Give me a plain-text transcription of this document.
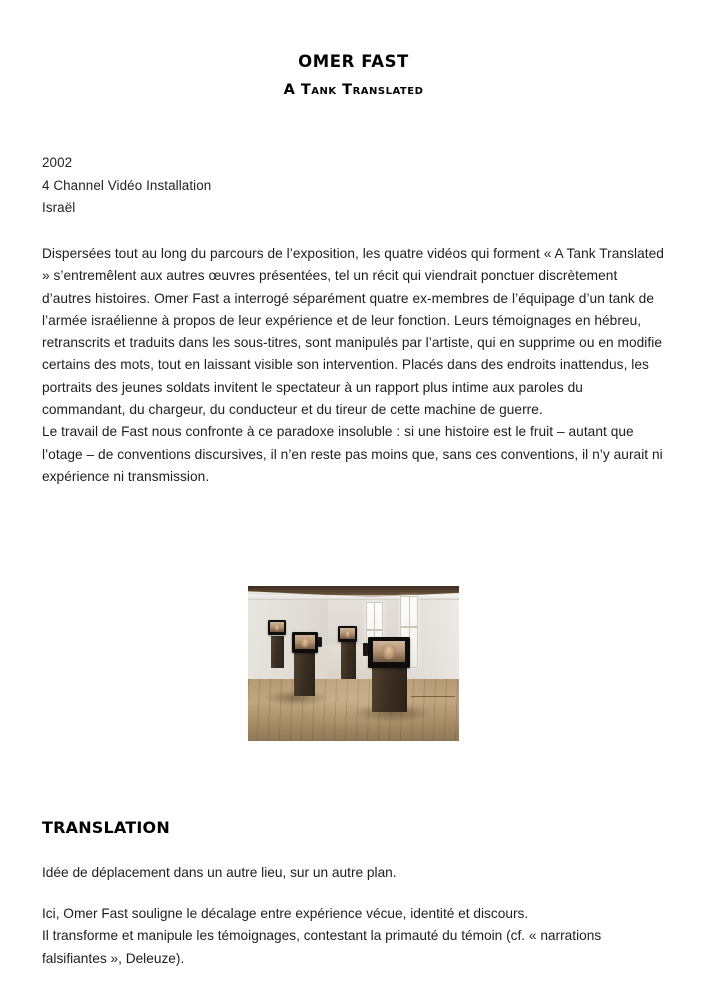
OMER FAST
A Tank Translated
2002
4 Channel Vidéo Installation
Israël

Dispersées tout au long du parcours de l’exposition, les quatre vidéos qui forment « A Tank Translated » s’entremêlent aux autres œuvres présentées, tel un récit qui viendrait ponctuer discrètement d’autres histoires. Omer Fast a interrogé séparément quatre ex-membres de l’équipage d’un tank de l’armée israélienne à propos de leur expérience et de leur fonction. Leurs témoignages en hébreu, retranscrits et traduits dans les sous-titres, sont manipulés par l’artiste, qui en supprime ou en modifie certains des mots, tout en laissant visible son intervention. Placés dans des endroits inattendus, les portraits des jeunes soldats invitent le spectateur à un rapport plus intime aux paroles du commandant, du chargeur, du conducteur et du tireur de cette machine de guerre.

Le travail de Fast nous confronte à ce paradoxe insoluble : si une histoire est le fruit – autant que l’otage – de conventions discursives, il n’en reste pas moins que, sans ces conventions, il n’y aurait ni expérience ni transmission.

TRANSLATION
Idée de déplacement dans un autre lieu, sur un autre plan.

Ici, Omer Fast souligne le décalage entre expérience vécue, identité et discours.

Il transforme et manipule les témoignages, contestant la primauté du témoin (cf. « narrations falsifiantes », Deleuze).
